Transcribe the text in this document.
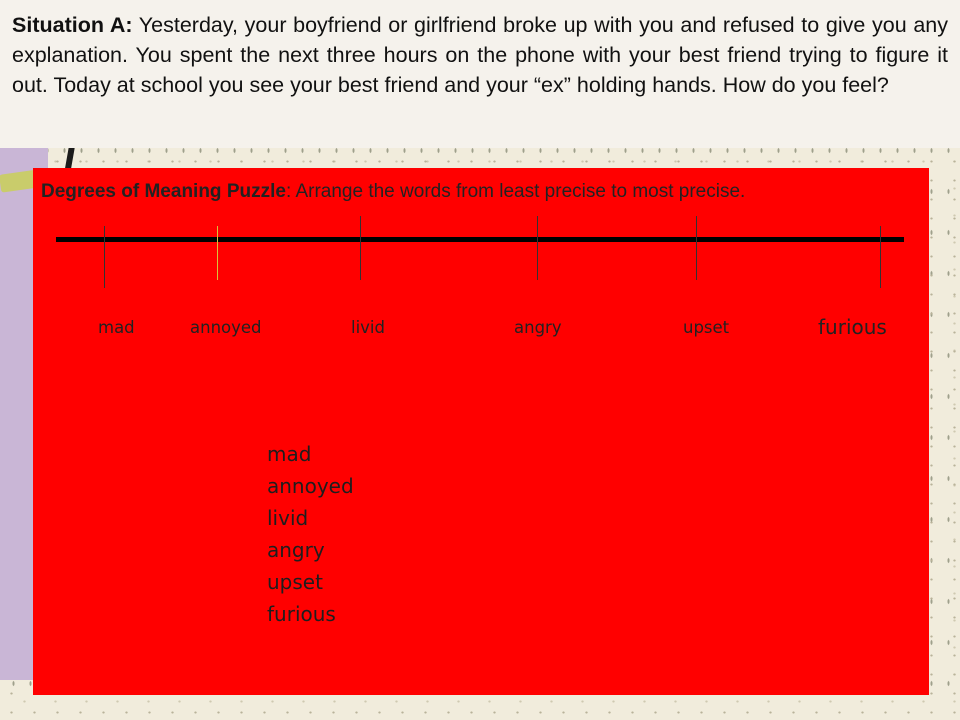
Situation A: Yesterday, your boyfriend or girlfriend broke up with you and refused to give you any explanation. You spent the next three hours on the phone with your best friend trying to figure it out. Today at school you see your best friend and your “ex” holding hands. How do you feel?

Degrees of Meaning Puzzle: Arrange the words from least precise to most precise.

mad	annoyed	livid	angry	upset	furious
mad
annoyed
livid
angry
upset
furious
